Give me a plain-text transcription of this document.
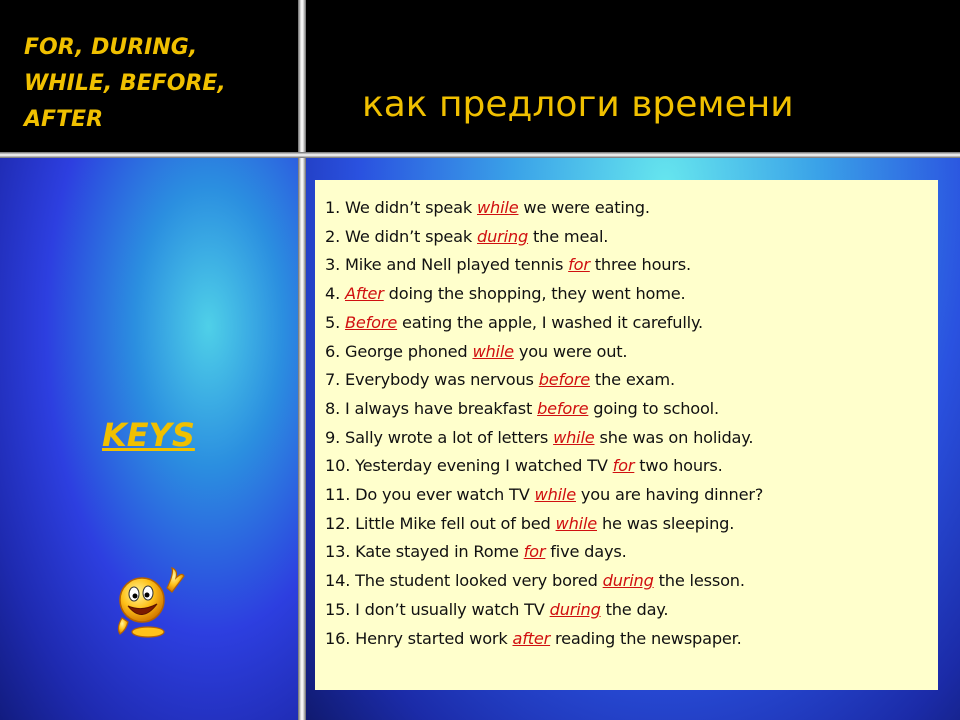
FOR, DURING,
WHILE, BEFORE,
AFTER	как предлоги времени
KEYS
1. We didn’t speak while we were eating.
2. We didn’t speak during the meal.
3. Mike and Nell played tennis for three hours.
4. After doing the shopping, they went home.
5. Before eating the apple, I washed it carefully.
6. George phoned while you were out.
7. Everybody was nervous before the exam.
8. I always have breakfast before going to school.
9. Sally wrote a lot of letters while she was on holiday.
10. Yesterday evening I watched TV for two hours.
11. Do you ever watch TV while you are having dinner?
12. Little Mike fell out of bed while he was sleeping.
13. Kate stayed in Rome for five days.
14. The student looked very bored during the lesson.
15. I don’t usually watch TV during the day.
16. Henry started work after reading the newspaper.
